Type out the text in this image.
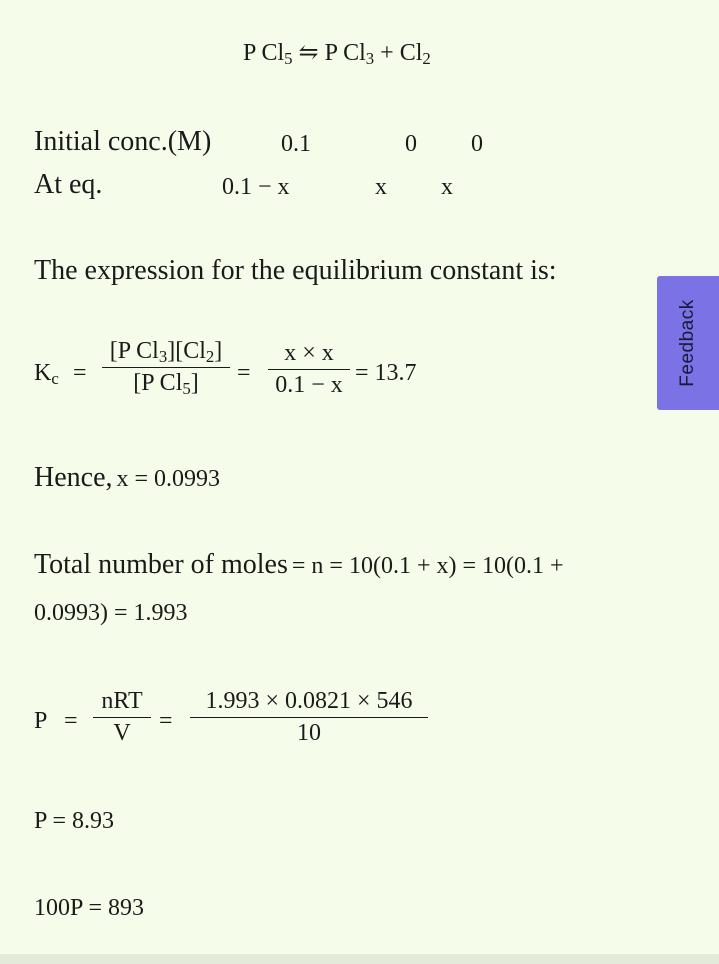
P $Cl_5$ ⇋ P $Cl_3 + Cl_2$
Initial conc.(M)	0.1	0 0
At eq.	0.1 − x	x x
The expression for the equilibrium constant is:
$K_c$ =
[P $Cl_3][Cl_2]$
[P $Cl_5$]	=
x × x
0.1 − x = 13.7
Hence, x = 0.0993
Total number of moles = n = 10(0.1 + x) = 10(0.1 +
0.0993) = 1.993
P =
nRT
V	=
1.993 × 0.0821 × 546
10
P = 8.93
100P = 893
Feedback
